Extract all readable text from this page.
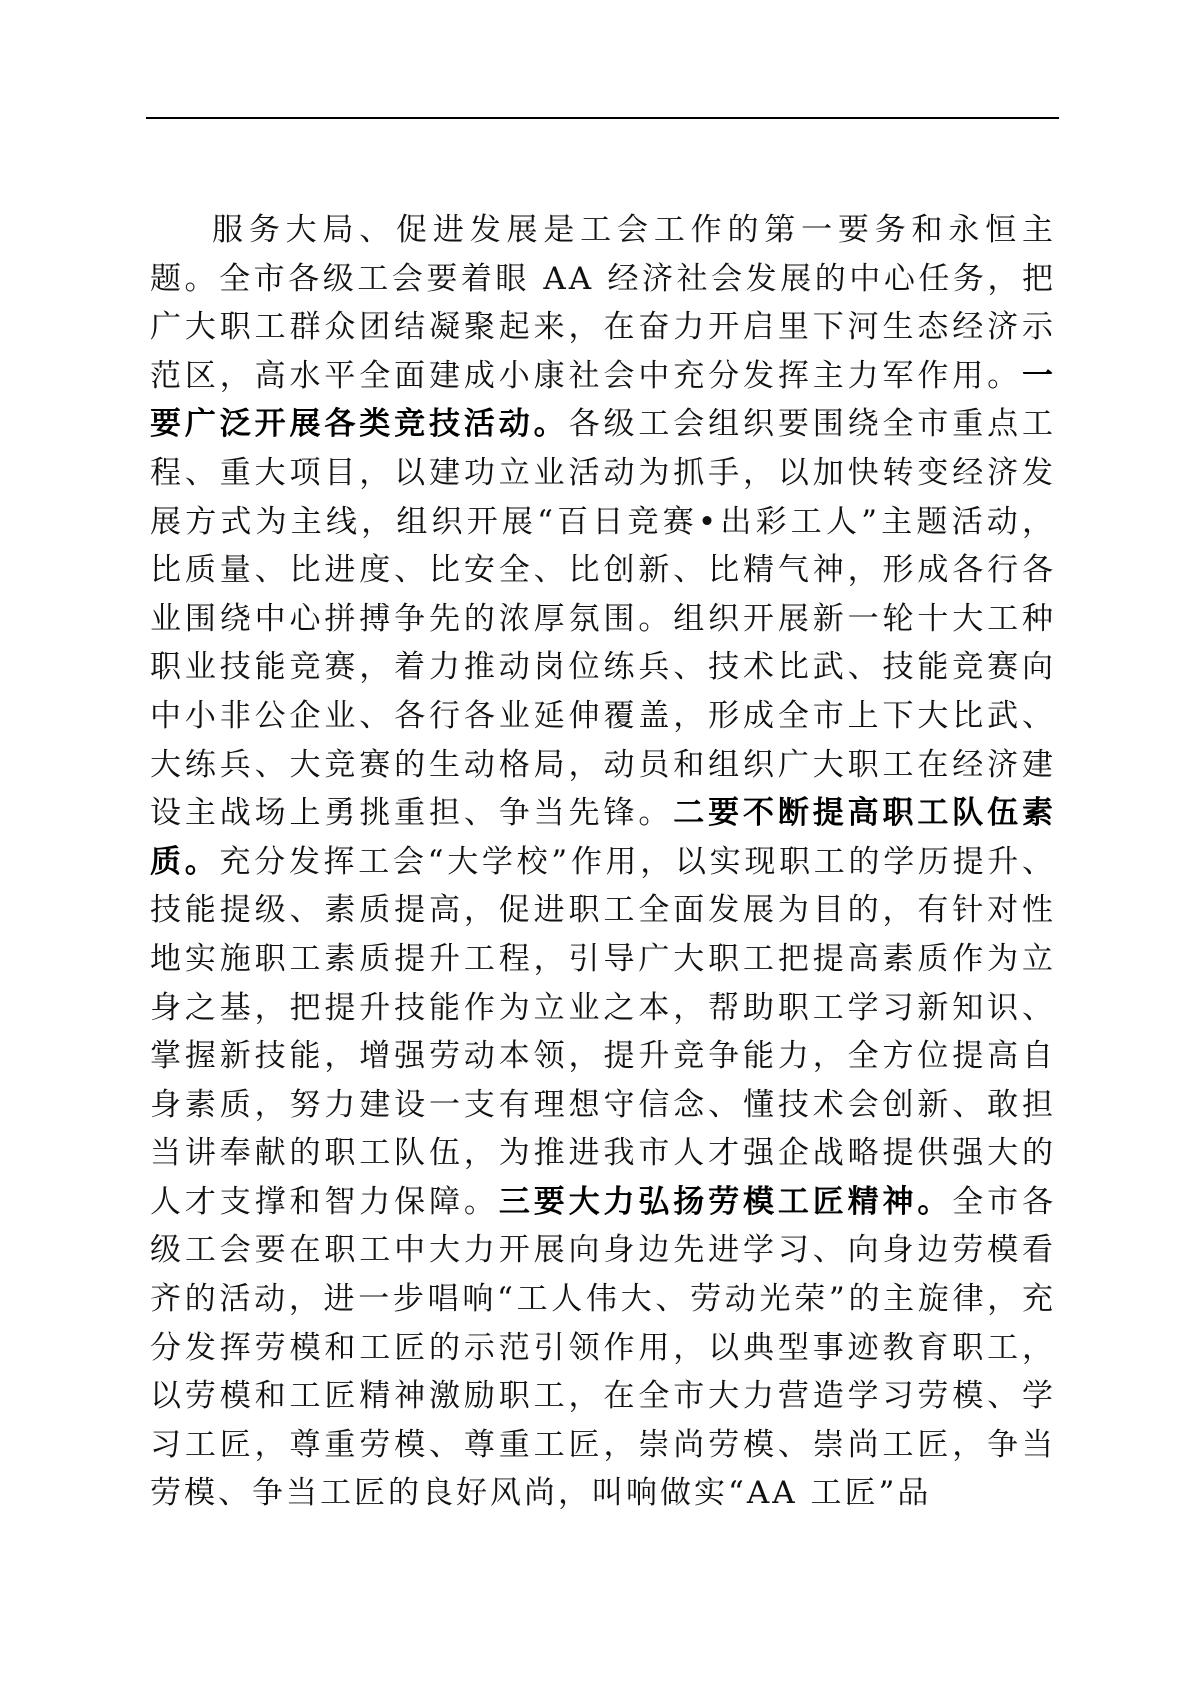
服务大局、促进发展是工会工作的第一要务和永恒主题。全市各级工会要着眼 AA 经济社会发展的中心任务，把广大职工群众团结凝聚起来，在奋力开启里下河生态经济示范区，高水平全面建成小康社会中充分发挥主力军作用。一要广泛开展各类竞技活动。各级工会组织要围绕全市重点工程、重大项目，以建功立业活动为抓手，以加快转变经济发展方式为主线，组织开展“百日竞赛•出彩工人”主题活动，比质量、比进度、比安全、比创新、比精气神，形成各行各业围绕中心拼搏争先的浓厚氛围。组织开展新一轮十大工种职业技能竞赛，着力推动岗位练兵、技术比武、技能竞赛向中小非公企业、各行各业延伸覆盖，形成全市上下大比武、大练兵、大竞赛的生动格局，动员和组织广大职工在经济建设主战场上勇挑重担、争当先锋。二要不断提高职工队伍素质。充分发挥工会“大学校”作用，以实现职工的学历提升、技能提级、素质提高，促进职工全面发展为目的，有针对性地实施职工素质提升工程，引导广大职工把提高素质作为立身之基，把提升技能作为立业之本，帮助职工学习新知识、掌握新技能，增强劳动本领，提升竞争能力，全方位提高自身素质，努力建设一支有理想守信念、懂技术会创新、敢担当讲奉献的职工队伍，为推进我市人才强企战略提供强大的人才支撑和智力保障。三要大力弘扬劳模工匠精神。全市各级工会要在职工中大力开展向身边先进学习、向身边劳模看齐的活动，进一步唱响“工人伟大、劳动光荣”的主旋律，充分发挥劳模和工匠的示范引领作用，以典型事迹教育职工，以劳模和工匠精神激励职工，在全市大力营造学习劳模、学习工匠，尊重劳模、尊重工匠，崇尚劳模、崇尚工匠，争当劳模、争当工匠的良好风尚，叫响做实“AA 工匠”品
